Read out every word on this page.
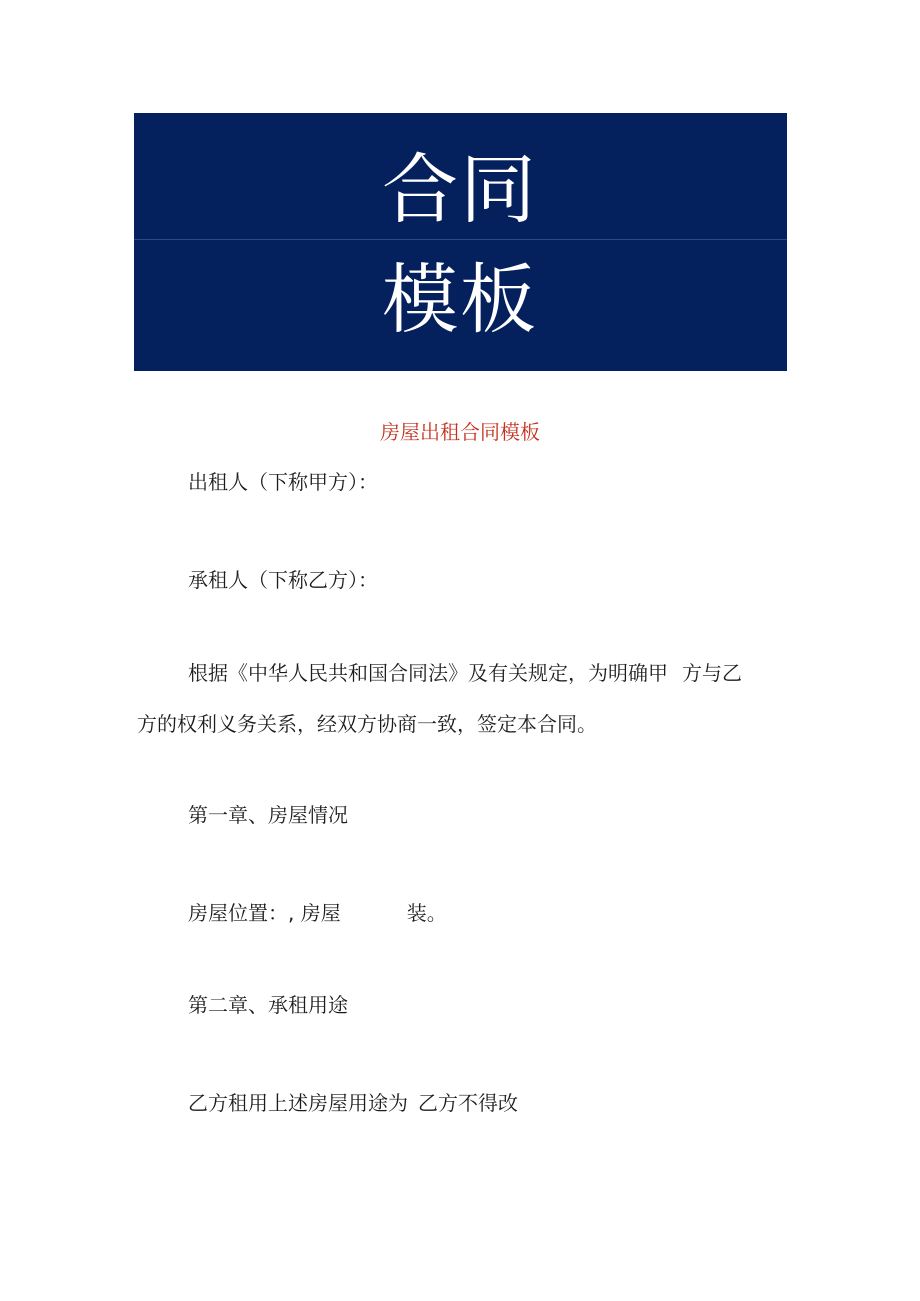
合同
模板
房屋出租合同模板
出租人（下称甲方）：
承租人（下称乙方）：
根据《中华人民共和国合同法》及有关规定，为明确甲 方与乙
方的权利义务关系，经双方协商一致，签定本合同。
第一章、房屋情况
房屋位置：, 房屋	装。
第二章、承租用途
乙方租用上述房屋用途为 乙方不得改
